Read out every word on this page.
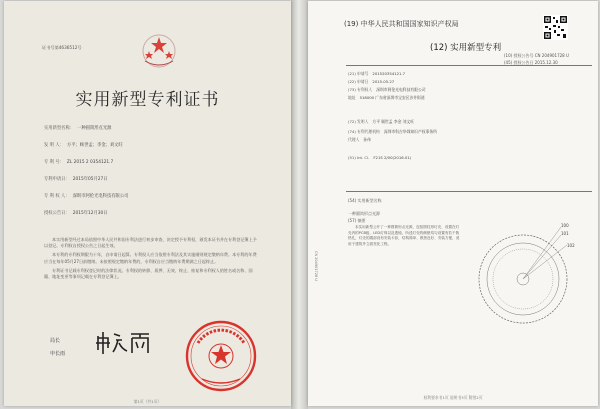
证书号第4636512号
实用新型专利证书
实用新型名称： 一种圆筒形点光源
发 明 人： 方平；顾世孟；李金；刘文旺
专 利 号： ZL 2015 2 0354121.7
专利申请日： 2015年05月27日
专 利 权 人： 深圳市阿伦光电科技有限公司
授权公告日： 2015年12月30日

本实用新型经过本局依照中华人民共和国专利法进行初步审查，决定授予专利权，颁发本证书并在专利登记簿上予以登记。专利权自授权公告之日起生效。

本专利的专利权期限为十年，自申请日起算。专利权人应当依照专利法及其实施细则规定缴纳年费。本专利的年费应当在每年05月27日前缴纳。未按照规定缴纳年费的，专利权自应当缴纳年费期满之日起终止。

专利证书记载专利权登记时的法律状况。专利权的转移、质押、无效、终止、恢复和专利权人的姓名或名称、国籍、地址变更等事项记载在专利登记簿上。

局长
申长雨
第1页（共1页）
(19) 中华人民共和国国家知识产权局
(12) 实用新型专利
(10) 授权公告号 CN 204901728 U
(45) 授权公告日 2015.12.30
(21) 申请号 201520354121.7
(22) 申请日 2015.05.27
(73) 专利权人 深圳市阿伦光电科技有限公司
地址 518000 广东省深圳市宝安区沙井街道
(72) 发明人 方平 顾世孟 李金 刘文旺
(74) 专利代理机构 深圳市科吉华烽知识产权事务所
代理人 孙伟
(51) Int. Cl. F21S 2/00(2016.01)
(54) 实用新型名称
一种圆筒形点光源
(57) 摘要
本实用新型公开了一种圆筒形点光源，包括圆柱形灯壳、设置在灯壳内的PCB板、LED灯珠以及透镜，所述灯壳的侧壁均匀设置有若干散热孔，灯壳的端部设有安装卡扣，结构简单、散热良好、安装方便，适用于建筑外立面亮化工程。
100
101
102
CN 204901728 U
权利要求书1页 说明书3页 附图2页
